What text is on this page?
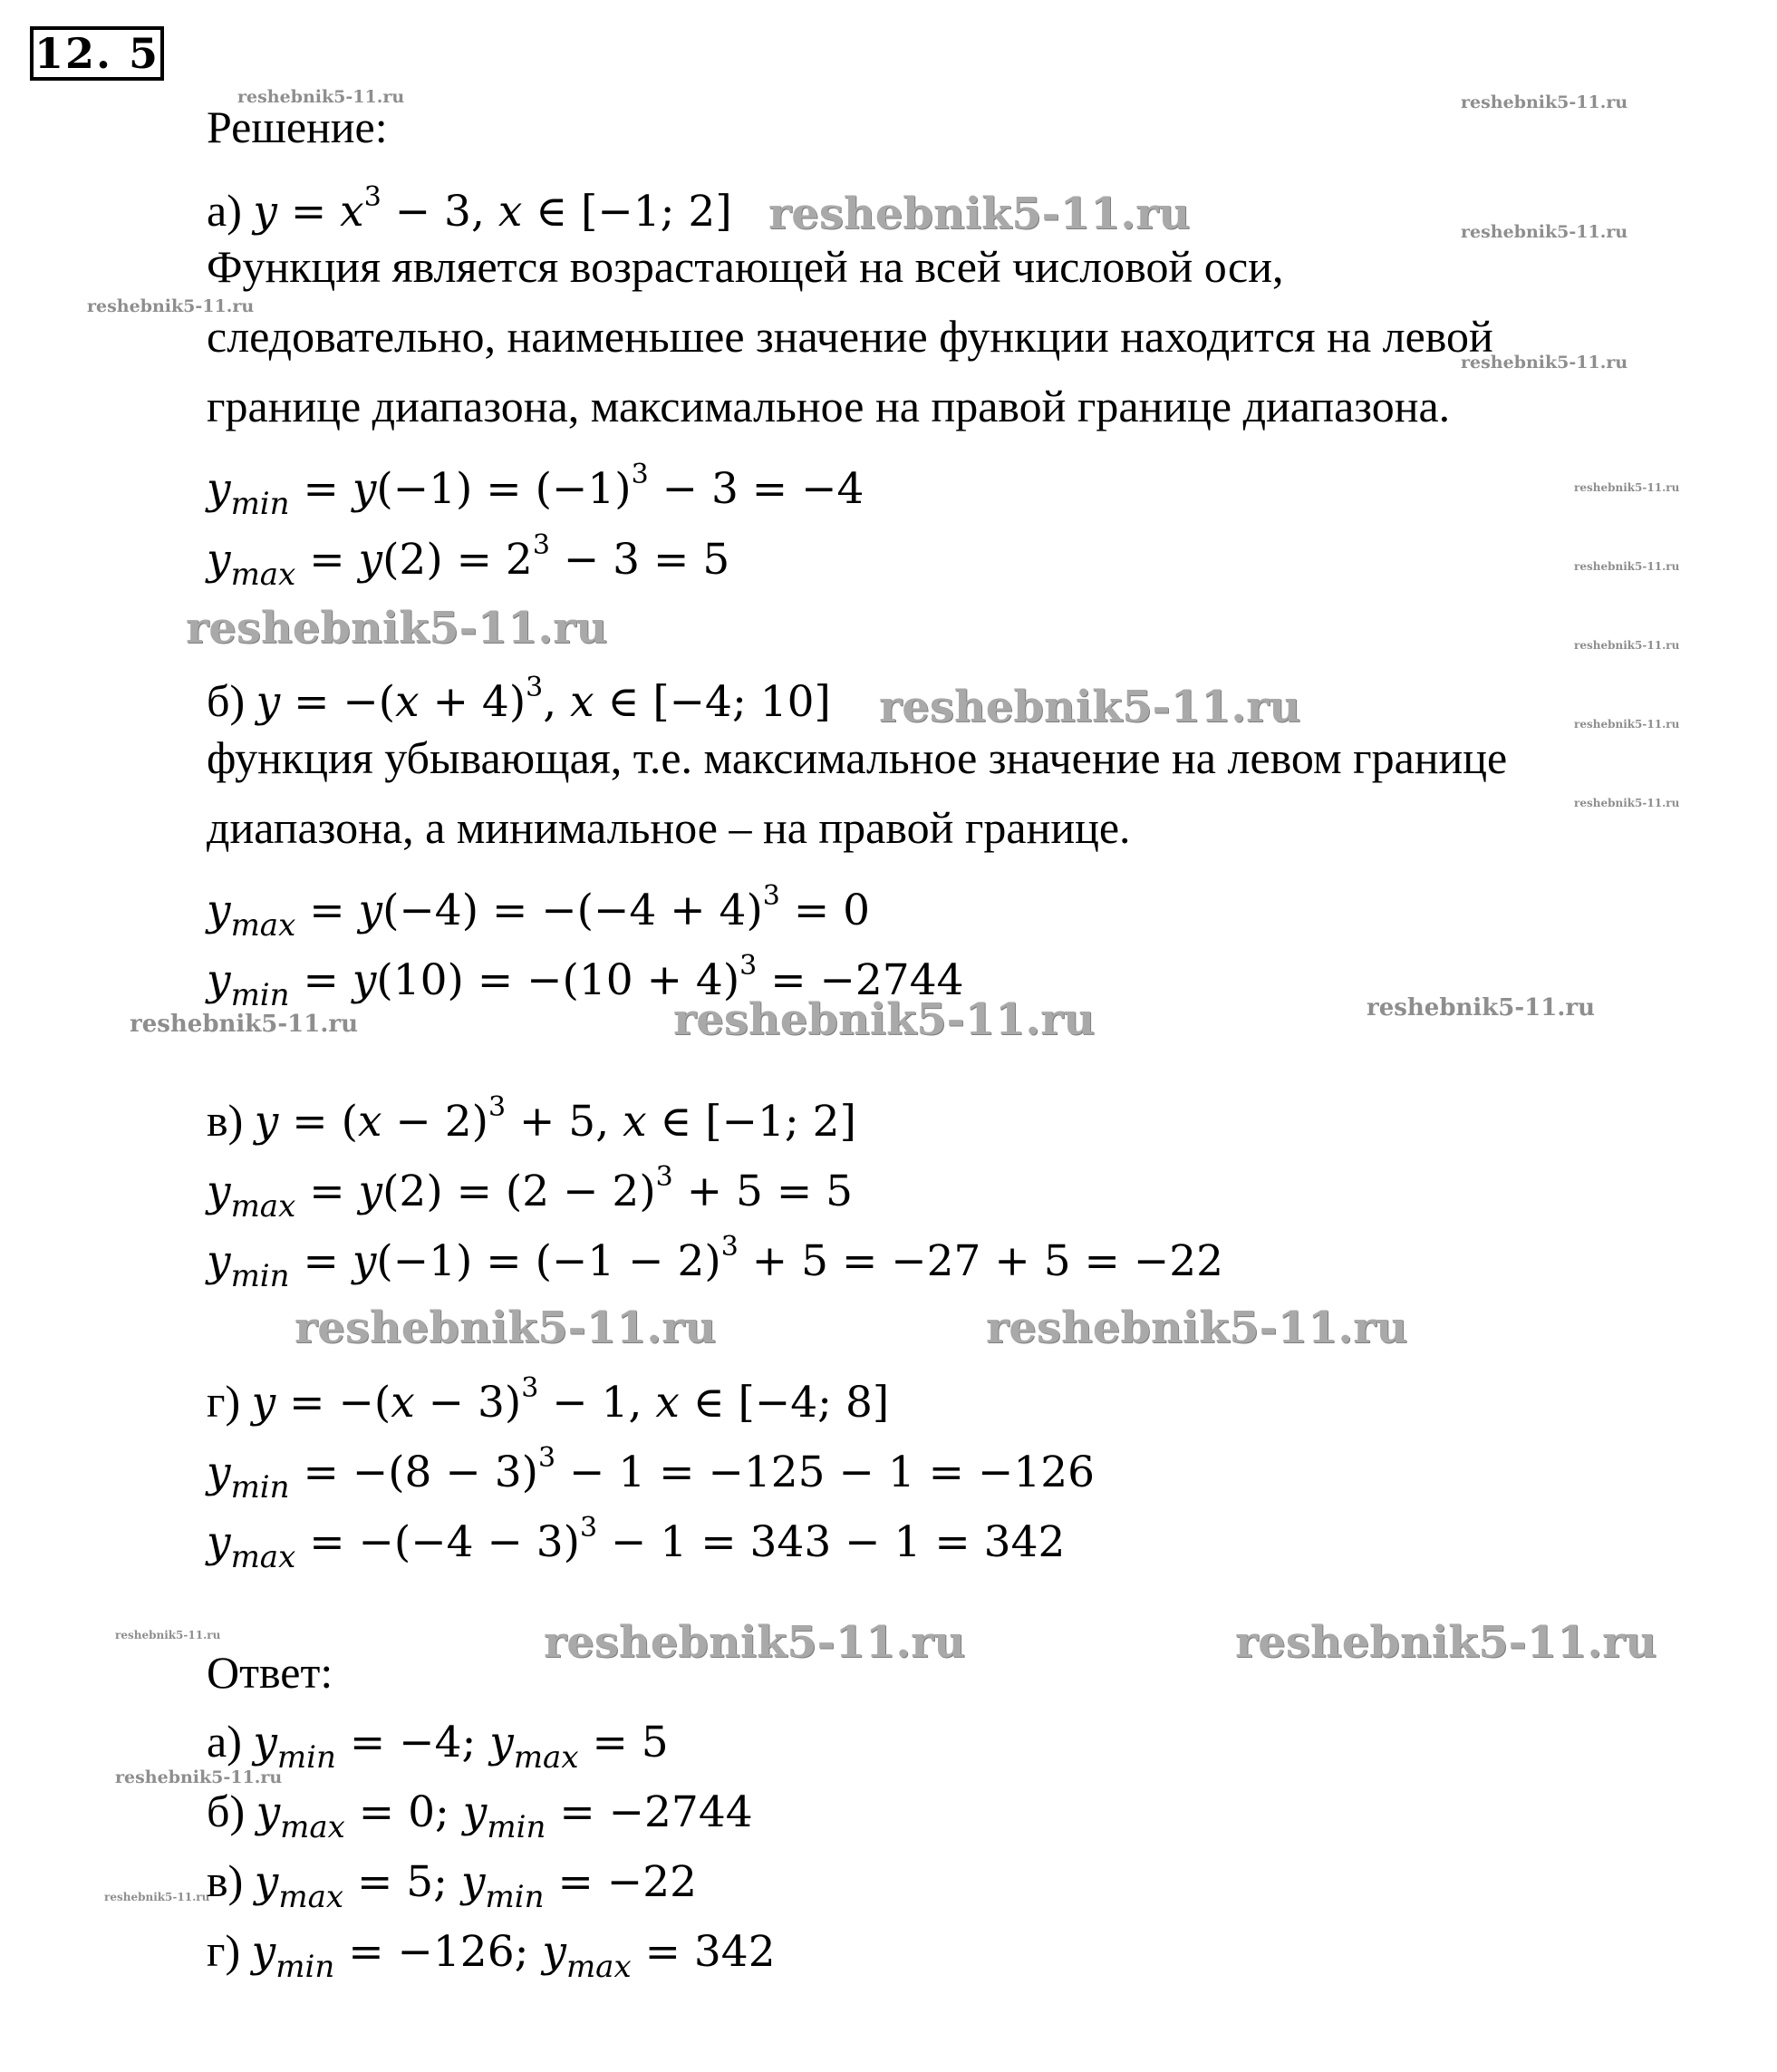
12. 5
reshebnik5-11.ru	reshebnik5-11.ru
reshebnik5-11.ru	reshebnik5-11.ru
reshebnik5-11.ru
reshebnik5-11.ru
reshebnik5-11.ru
reshebnik5-11.ru
reshebnik5-11.ru	reshebnik5-11.ru
reshebnik5-11.ru	reshebnik5-11.ru
reshebnik5-11.ru
reshebnik5-11.ru	reshebnik5-11.ru	reshebnik5-11.ru
reshebnik5-11.ru	reshebnik5-11.ru
reshebnik5-11.ru	reshebnik5-11.ru	reshebnik5-11.ru
reshebnik5-11.ru
reshebnik5-11.ru
Решение:
а) $y = x^3 - 3$, x ∈ [−1; 2]
Функция является возрастающей на всей числовой оси,
следовательно, наименьшее значение функции находится на левой
границе диапазона, максимальное на правой границе диапазона.
$y_{min} = y(-1) = (-1)^3 - 3 = -4$
$y_{max} = y(2) = 2^3 - 3 = 5$
б) $y = -(x + 4)^3$, x ∈ [−4; 10]
функция убывающая, т.е. максимальное значение на левом границе
диапазона, а минимальное – на правой границе.
$y_{max} = y(-4) = -(-4 + 4)^3 = 0$
$y_{min} = y(10) = -(10 + 4)^3 = -2744$
в) $y = (x - 2)^3 + 5$, x ∈ [−1; 2]
$y_{max} = y(2) = (2 - 2)^3 + 5 = 5$
$y_{min} = y(-1) = (-1 - 2)^3 + 5 = -27 + 5 = -22$
г) $y = -(x - 3)^3 - 1$, x ∈ [−4; 8]
$y_{min} = -(8 - 3)^3 - 1 = -125 - 1 = -126$
$y_{max} = -(-4 - 3)^3 - 1 = 343 - 1 = 342$
Ответ:
а) $y_{min} = -4$; $y_{max} = 5$
б) $y_{max} = 0$; $y_{min} = -2744$
в) $y_{max} = 5$; $y_{min} = -22$
г) $y_{min} = -126$; $y_{max} = 342$
